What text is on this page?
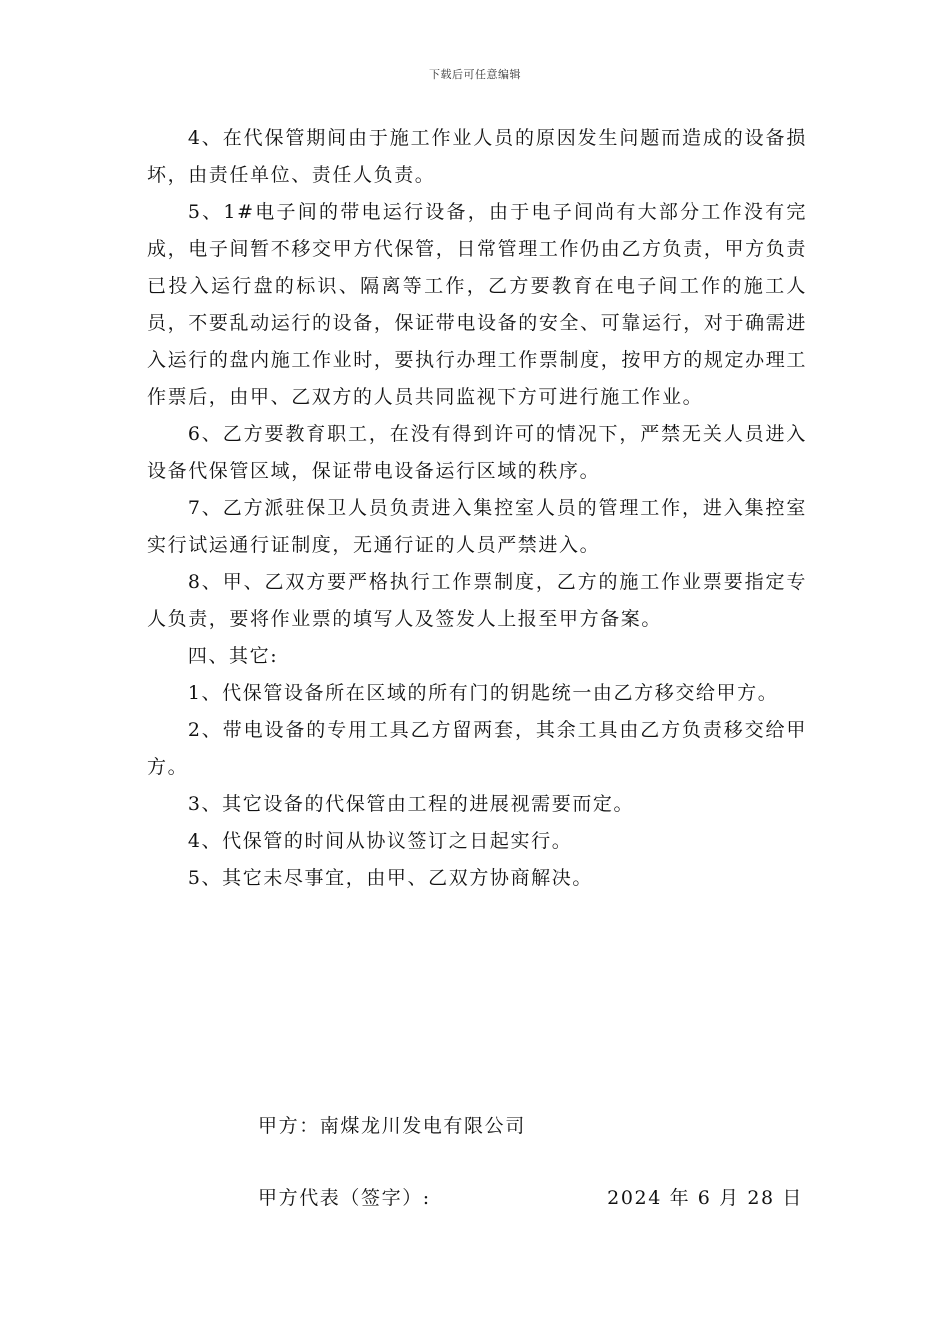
下载后可任意编辑

4、在代保管期间由于施工作业人员的原因发生问题而造成的设备损坏，由责任单位、责任人负责。

5、1#电子间的带电运行设备，由于电子间尚有大部分工作没有完成，电子间暂不移交甲方代保管，日常管理工作仍由乙方负责，甲方负责已投入运行盘的标识、隔离等工作，乙方要教育在电子间工作的施工人员，不要乱动运行的设备，保证带电设备的安全、可靠运行，对于确需进入运行的盘内施工作业时，要执行办理工作票制度，按甲方的规定办理工作票后，由甲、乙双方的人员共同监视下方可进行施工作业。

6、乙方要教育职工，在没有得到许可的情况下，严禁无关人员进入设备代保管区域，保证带电设备运行区域的秩序。

7、乙方派驻保卫人员负责进入集控室人员的管理工作，进入集控室实行试运通行证制度，无通行证的人员严禁进入。

8、甲、乙双方要严格执行工作票制度，乙方的施工作业票要指定专人负责，要将作业票的填写人及签发人上报至甲方备案。

四、其它:

1、代保管设备所在区域的所有门的钥匙统一由乙方移交给甲方。

2、带电设备的专用工具乙方留两套，其余工具由乙方负责移交给甲方。

3、其它设备的代保管由工程的进展视需要而定。

4、代保管的时间从协议签订之日起实行。

5、其它未尽事宜，由甲、乙双方协商解决。

甲方：南煤龙川发电有限公司
甲方代表（签字）:	2024 年 6 月 28 日
